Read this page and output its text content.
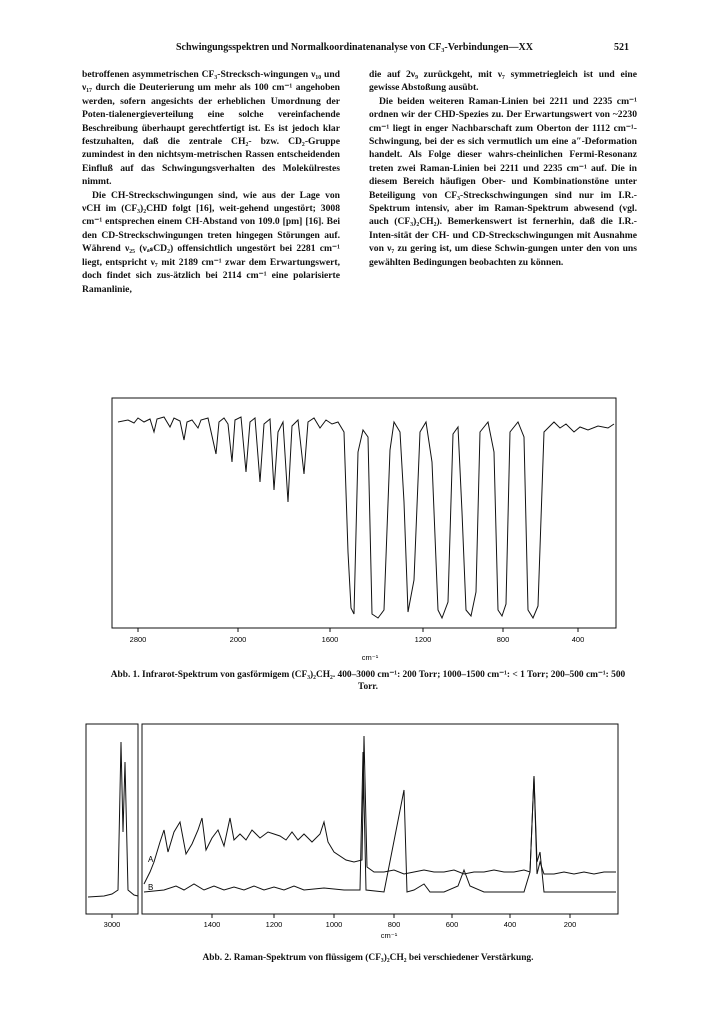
Schwingungsspektren und Normalkoordinatenanalyse von CF₃-Verbindungen—XX	521

betroffenen asymmetrischen CF₃-Strecksch-wingungen ν₁₀ und ν₁₇ durch die Deuterierung um mehr als 100 cm⁻¹ angehoben werden, sofern angesichts der erheblichen Umordnung der Poten-tialenergieverteilung eine solche vereinfachende Beschreibung überhaupt gerechtfertigt ist. Es ist jedoch klar festzuhalten, daß die zentrale CH₂- bzw. CD₂-Gruppe zumindest in den nichtsym-metrischen Rassen entscheidenden Einfluß auf das Schwingungsverhalten des Molekülrestes nimmt.

Die CH-Streckschwingungen sind, wie aus der Lage von νCH im (CF₃)₂CHD folgt [16], weit-gehend ungestört; 3008 cm⁻¹ entsprechen einem CH-Abstand von 109.0 [pm] [16]. Bei den CD-Streckschwingungen treten hingegen Störungen auf. Während ν₂₅ (νₐₛCD₂) offensichtlich ungestört bei 2281 cm⁻¹ liegt, entspricht ν₇ mit 2189 cm⁻¹ zwar dem Erwartungswert, doch findet sich zus-ätzlich bei 2114 cm⁻¹ eine polarisierte Ramanlinie,

die auf 2ν₉ zurückgeht, mit ν₇ symmetriegleich ist und eine gewisse Abstoßung ausübt.

Die beiden weiteren Raman-Linien bei 2211 und 2235 cm⁻¹ ordnen wir der CHD-Spezies zu. Der Erwartungswert von ~2230 cm⁻¹ liegt in enger Nachbarschaft zum Oberton der 1112 cm⁻¹-Schwingung, bei der es sich vermutlich um eine a″-Deformation handelt. Als Folge dieser wahrs-cheinlichen Fermi-Resonanz treten zwei Raman-Linien bei 2211 und 2235 cm⁻¹ auf. Die in diesem Bereich häufigen Ober- und Kombinationstöne unter Beteiligung von CF₃-Streckschwingungen sind nur im I.R.-Spektrum intensiv, aber im Raman-Spektrum abwesend (vgl. auch (CF₃)₂CH₂). Bemerkenswert ist fernerhin, daß die I.R.-Inten-sität der CH- und CD-Streckschwingungen mit Ausnahme von ν₇ zu gering ist, um diese Schwin-gungen unter den von uns gewählten Bedingungen beobachten zu können.

2800	2000	1600	1200	800	400
cm⁻¹
Abb. 1. Infrarot-Spektrum von gasförmigem (CF₃)₂CH₂. 400–3000 cm⁻¹: 200 Torr; 1000–1500 cm⁻¹: < 1 Torr; 200–500 cm⁻¹: 500 Torr.
A
B
3000	1400	1200	1000	800	600	400	200
cm⁻¹
Abb. 2. Raman-Spektrum von flüssigem (CF₃)₂CH₂ bei verschiedener Verstärkung.
